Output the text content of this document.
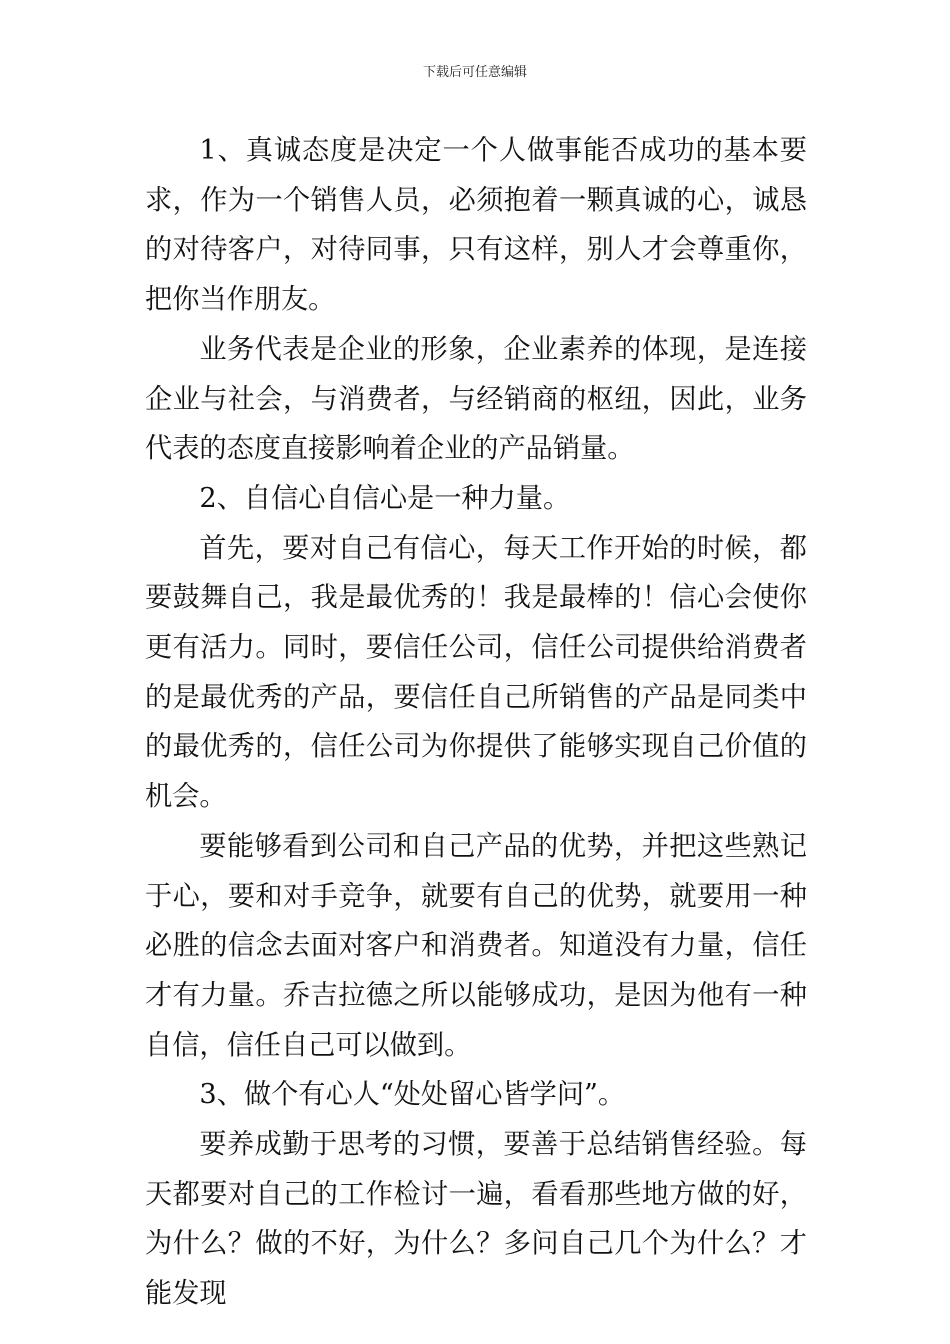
下载后可任意编辑

1、真诚态度是决定一个人做事能否成功的基本要求，作为一个销售人员，必须抱着一颗真诚的心，诚恳的对待客户，对待同事，只有这样，别人才会尊重你，把你当作朋友。

业务代表是企业的形象，企业素养的体现，是连接企业与社会，与消费者，与经销商的枢纽，因此，业务代表的态度直接影响着企业的产品销量。

2、自信心自信心是一种力量。

首先，要对自己有信心，每天工作开始的时候，都要鼓舞自己，我是最优秀的！我是最棒的！信心会使你更有活力。同时，要信任公司，信任公司提供给消费者的是最优秀的产品，要信任自己所销售的产品是同类中的最优秀的，信任公司为你提供了能够实现自己价值的机会。

要能够看到公司和自己产品的优势，并把这些熟记于心，要和对手竞争，就要有自己的优势，就要用一种必胜的信念去面对客户和消费者。知道没有力量，信任才有力量。乔吉拉德之所以能够成功，是因为他有一种自信，信任自己可以做到。

3、做个有心人“处处留心皆学问”。

要养成勤于思考的习惯，要善于总结销售经验。每天都要对自己的工作检讨一遍，看看那些地方做的好，为什么？做的不好，为什么？多问自己几个为什么？才能发现
